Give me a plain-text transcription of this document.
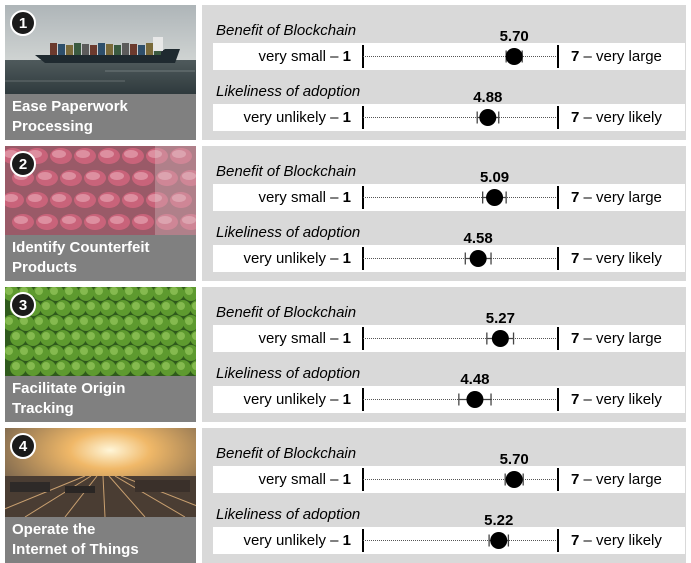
1
Ease Paperwork
Processing
Benefit of Blockchain
very small – 1	7 – very large
5.70
Likeliness of adoption
very unlikely – 1	7 – very likely
4.88
2
Identify Counterfeit
Products
Benefit of Blockchain
very small – 1	7 – very large
5.09
Likeliness of adoption
very unlikely – 1	7 – very likely
4.58
3
Facilitate Origin
Tracking
Benefit of Blockchain
very small – 1	7 – very large
5.27
Likeliness of adoption
very unlikely – 1	7 – very likely
4.48
4
Operate the
Internet of Things
Benefit of Blockchain
very small – 1	7 – very large
5.70
Likeliness of adoption
very unlikely – 1	7 – very likely
5.22
